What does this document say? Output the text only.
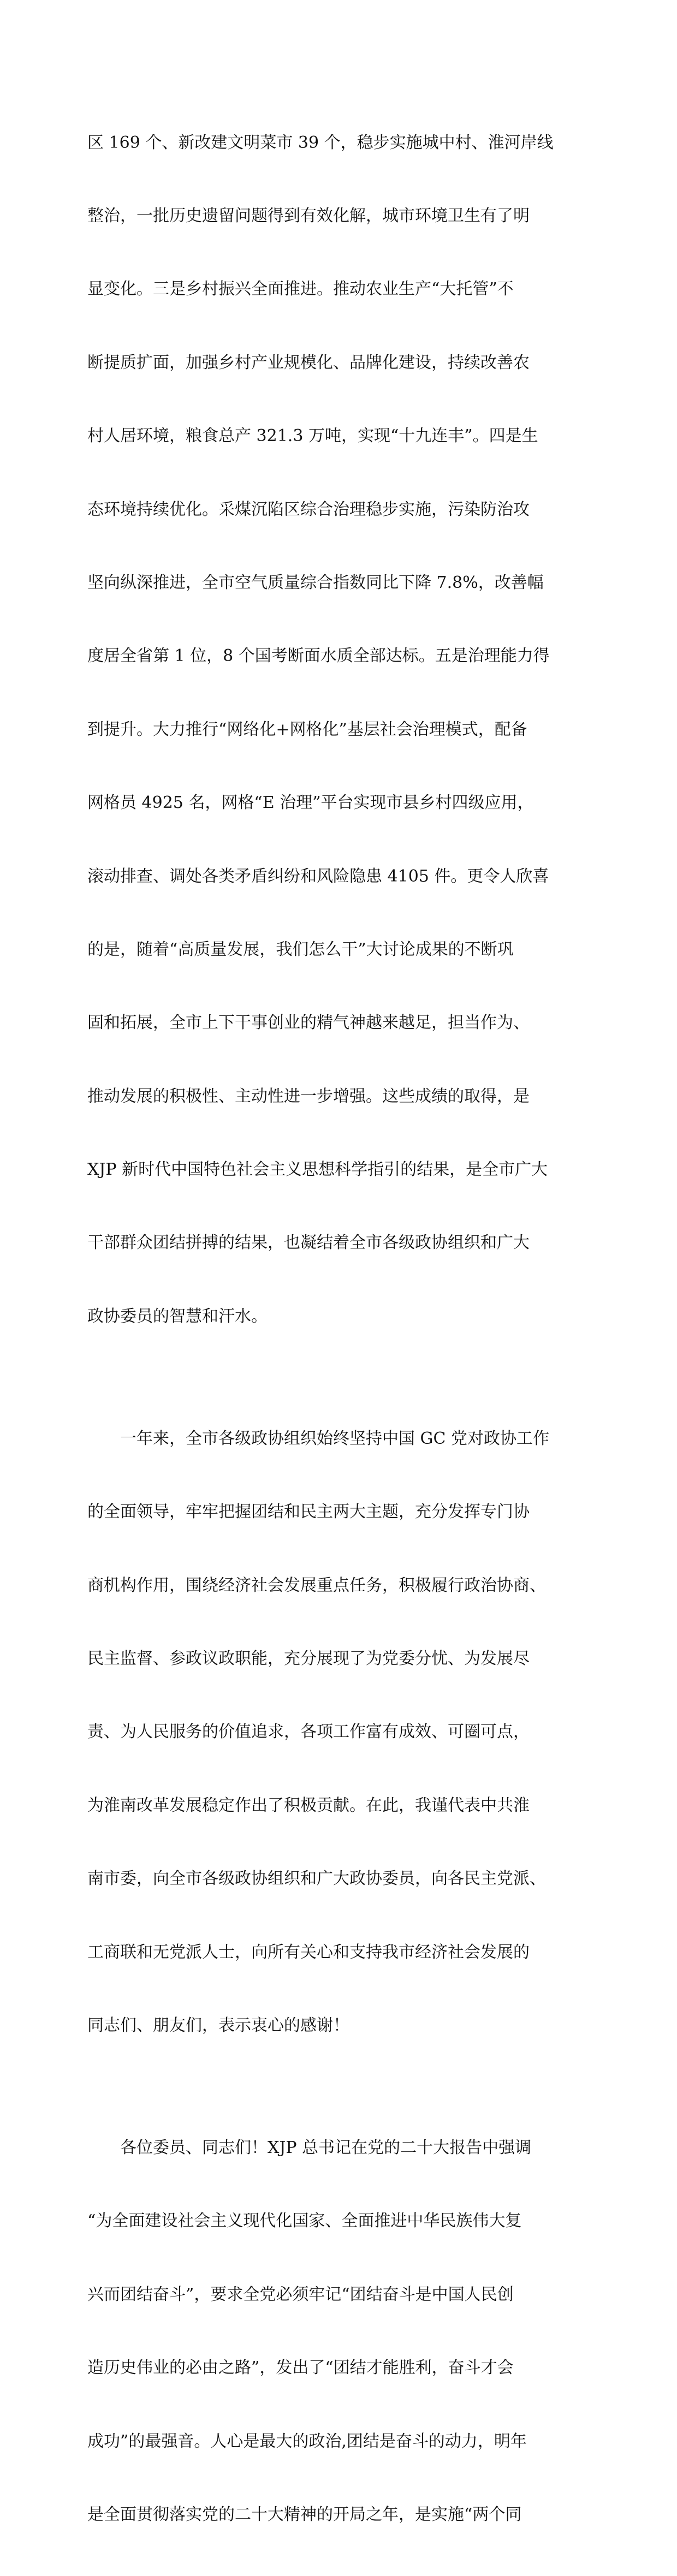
区 169 个、新改建文明菜市 39 个，稳步实施城中村、淮河岸线

整治，一批历史遗留问题得到有效化解，城市环境卫生有了明

显变化。三是乡村振兴全面推进。推动农业生产“大托管”不

断提质扩面，加强乡村产业规模化、品牌化建设，持续改善农

村人居环境，粮食总产 321.3 万吨，实现“十九连丰”。四是生

态环境持续优化。采煤沉陷区综合治理稳步实施，污染防治攻

坚向纵深推进，全市空气质量综合指数同比下降 7.8%，改善幅

度居全省第 1 位，8 个国考断面水质全部达标。五是治理能力得

到提升。大力推行“网络化+网格化”基层社会治理模式，配备

网格员 4925 名，网格“E 治理”平台实现市县乡村四级应用，

滚动排查、调处各类矛盾纠纷和风险隐患 4105 件。更令人欣喜

的是，随着“高质量发展，我们怎么干”大讨论成果的不断巩

固和拓展，全市上下干事创业的精气神越来越足，担当作为、

推动发展的积极性、主动性进一步增强。这些成绩的取得，是

XJP 新时代中国特色社会主义思想科学指引的结果，是全市广大

干部群众团结拼搏的结果，也凝结着全市各级政协组织和广大

政协委员的智慧和汗水。

　　一年来，全市各级政协组织始终坚持中国 GC 党对政协工作

的全面领导，牢牢把握团结和民主两大主题，充分发挥专门协

商机构作用，围绕经济社会发展重点任务，积极履行政治协商、

民主监督、参政议政职能，充分展现了为党委分忧、为发展尽

责、为人民服务的价值追求，各项工作富有成效、可圈可点，

为淮南改革发展稳定作出了积极贡献。在此，我谨代表中共淮

南市委，向全市各级政协组织和广大政协委员，向各民主党派、

工商联和无党派人士，向所有关心和支持我市经济社会发展的

同志们、朋友们，表示衷心的感谢！

　　各位委员、同志们！XJP 总书记在党的二十大报告中强调

“为全面建设社会主义现代化国家、全面推进中华民族伟大复

兴而团结奋斗”，要求全党必须牢记“团结奋斗是中国人民创

造历史伟业的必由之路”，发出了“团结才能胜利，奋斗才会

成功”的最强音。人心是最大的政治,团结是奋斗的动力，明年

是全面贯彻落实党的二十大精神的开局之年，是实施“两个同
